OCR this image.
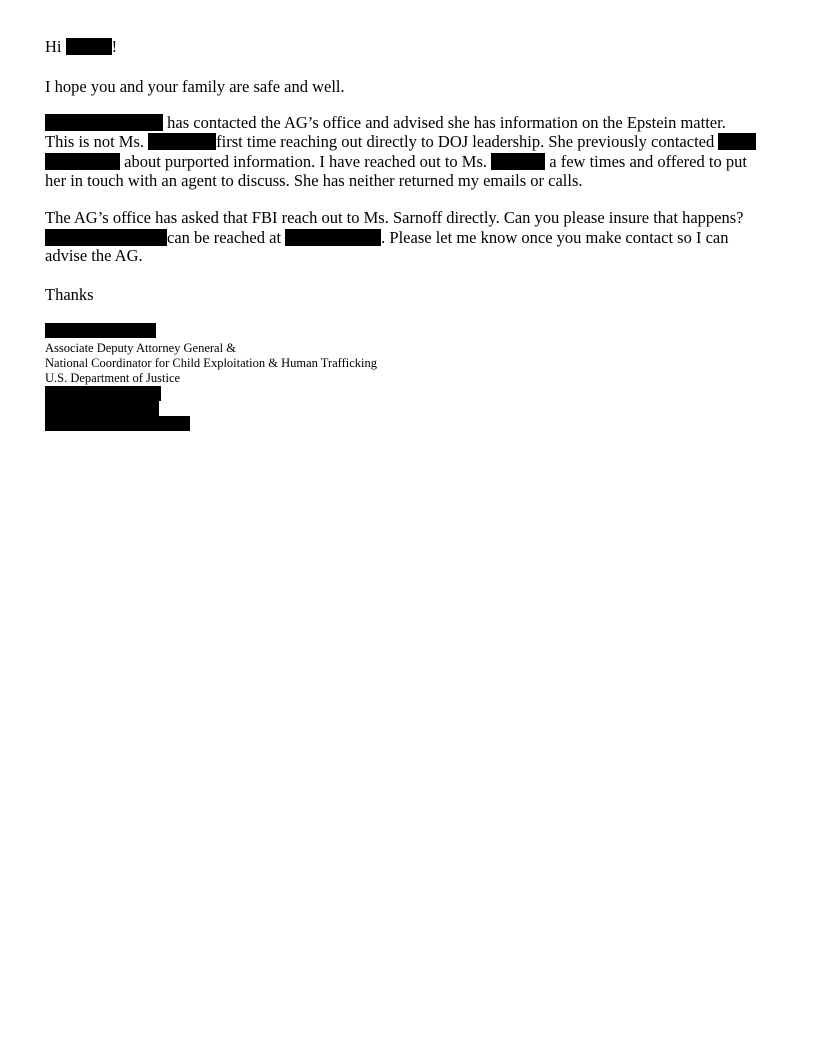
Hi	!
I hope you and your family are safe and well.
has contacted the AG’s office and advised she has information on the Epstein matter.
This is not Ms.	first time reaching out directly to DOJ leadership. She previously contacted
about purported information. I have reached out to Ms.	a few times and offered to put
her in touch with an agent to discuss. She has neither returned my emails or calls.
The AG’s office has asked that FBI reach out to Ms. Sarnoff directly. Can you please insure that happens?
can be reached at	. Please let me know once you make contact so I can
advise the AG.
Thanks
Associate Deputy Attorney General &
National Coordinator for Child Exploitation & Human Trafficking
U.S. Department of Justice
